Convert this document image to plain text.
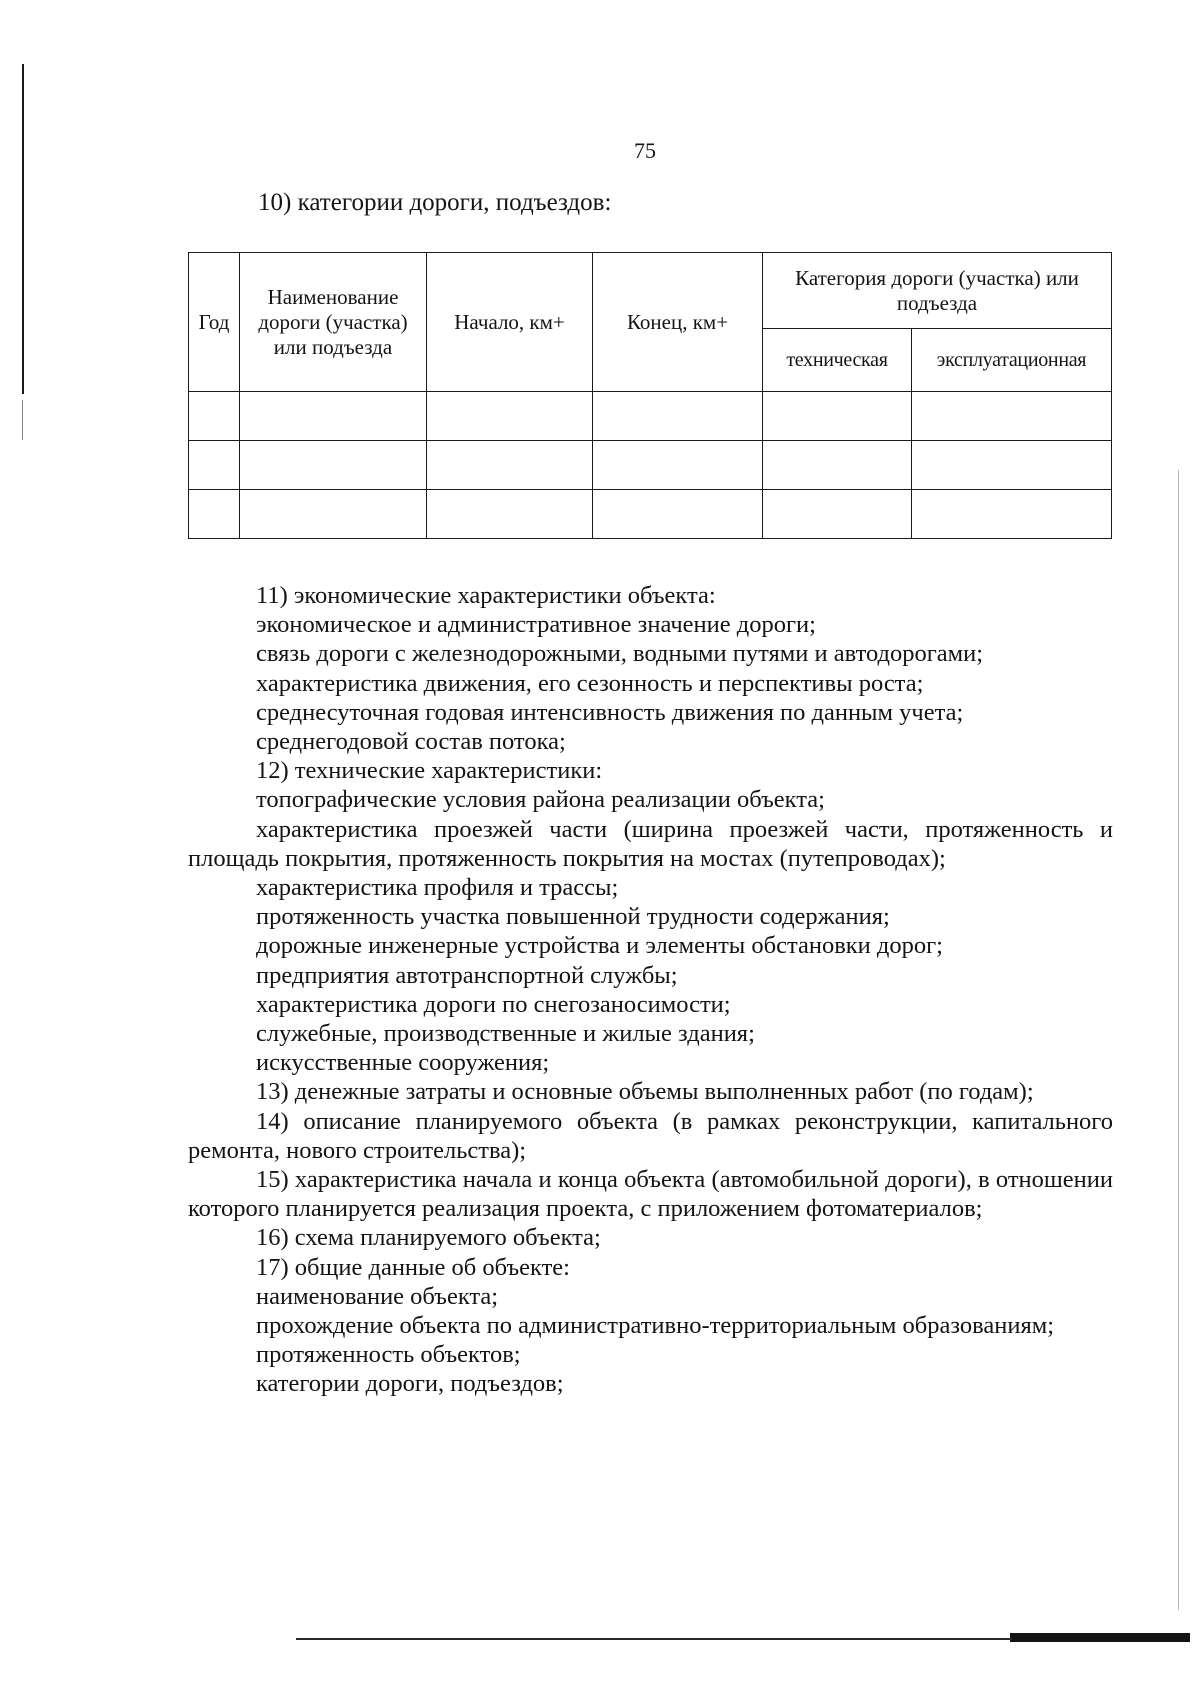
75
10) категории дороги, подъездов:
Год	Наименование дороги (участка) или подъезда	Начало, км+	Конец, км+	Категория дороги (участка) или подъезда	
				техническая	эксплуатационная

11) экономические характеристики объекта:

экономическое и административное значение дороги;

связь дороги с железнодорожными, водными путями и автодорогами;

характеристика движения, его сезонность и перспективы роста;

среднесуточная годовая интенсивность движения по данным учета;

среднегодовой состав потока;

12) технические характеристики:

топографические условия района реализации объекта;

характеристика проезжей части (ширина проезжей части, протяженность и площадь покрытия, протяженность покрытия на мостах (путепроводах);

характеристика профиля и трассы;

протяженность участка повышенной трудности содержания;

дорожные инженерные устройства и элементы обстановки дорог;

предприятия автотранспортной службы;

характеристика дороги по снегозаносимости;

служебные, производственные и жилые здания;

искусственные сооружения;

13) денежные затраты и основные объемы выполненных работ (по годам);

14) описание планируемого объекта (в рамках реконструкции, капитального ремонта, нового строительства);

15) характеристика начала и конца объекта (автомобильной дороги), в отношении которого планируется реализация проекта, с приложением фотоматериалов;

16) схема планируемого объекта;

17) общие данные об объекте:

наименование объекта;

прохождение объекта по административно-территориальным образованиям;

протяженность объектов;

категории дороги, подъездов;
